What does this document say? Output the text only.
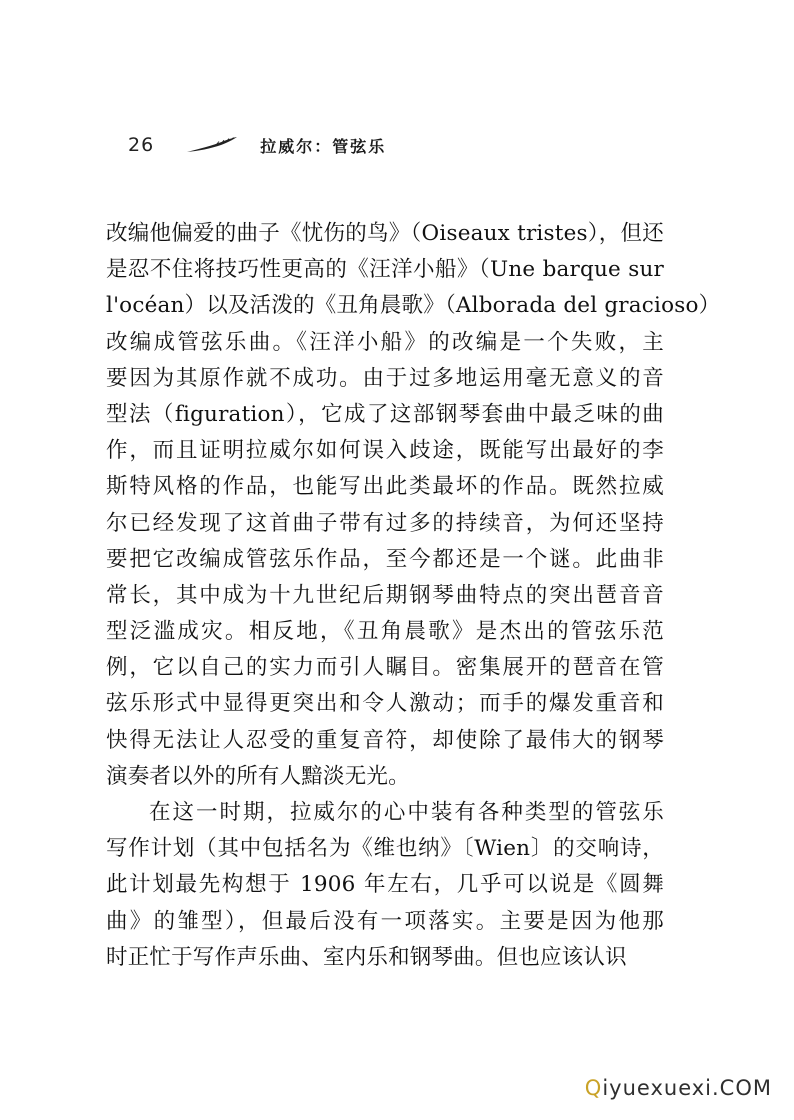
26	拉威尔：管弦乐
改编他偏爱的曲子《忧伤的鸟》（Oiseaux tristes），但还
是忍不住将技巧性更高的《汪洋小船》（Une barque sur
l'océan）以及活泼的《丑角晨歌》（Alborada del gracioso）
改编成管弦乐曲。《汪洋小船》的改编是一个失败，主
要因为其原作就不成功。由于过多地运用毫无意义的音
型法（figuration），它成了这部钢琴套曲中最乏味的曲
作，而且证明拉威尔如何误入歧途，既能写出最好的李
斯特风格的作品，也能写出此类最坏的作品。既然拉威
尔已经发现了这首曲子带有过多的持续音，为何还坚持
要把它改编成管弦乐作品，至今都还是一个谜。此曲非
常长，其中成为十九世纪后期钢琴曲特点的突出琶音音
型泛滥成灾。相反地，《丑角晨歌》是杰出的管弦乐范
例，它以自己的实力而引人瞩目。密集展开的琶音在管
弦乐形式中显得更突出和令人激动；而手的爆发重音和
快得无法让人忍受的重复音符，却使除了最伟大的钢琴
演奏者以外的所有人黯淡无光。
在这一时期，拉威尔的心中装有各种类型的管弦乐
写作计划（其中包括名为《维也纳》〔Wien〕的交响诗，
此计划最先构想于 1906 年左右，几乎可以说是《圆舞
曲》的雏型），但最后没有一项落实。主要是因为他那
时正忙于写作声乐曲、室内乐和钢琴曲。但也应该认识
Q iyuexuexi.COM
